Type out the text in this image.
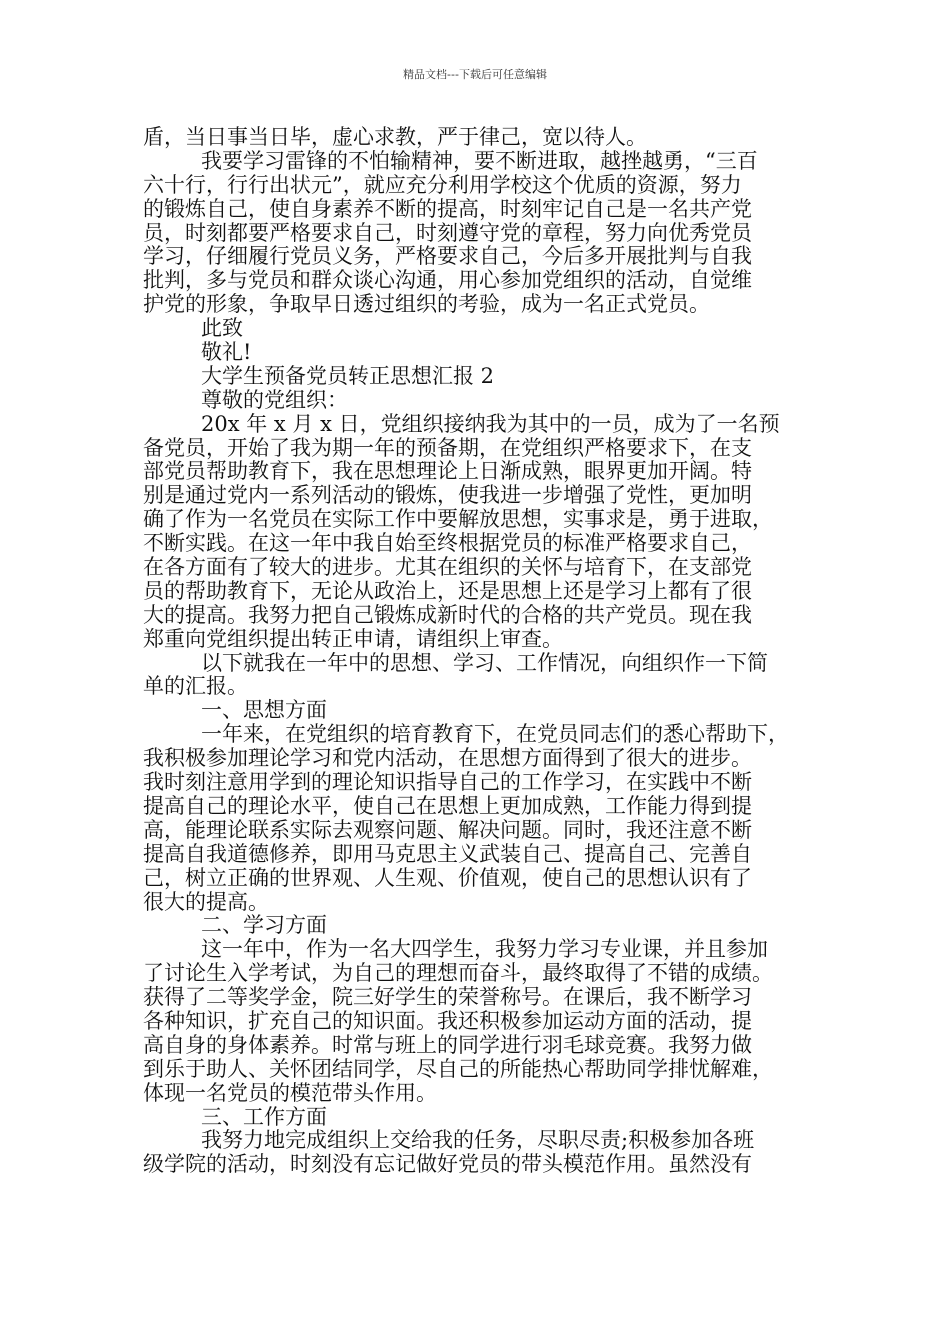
精品文档---下载后可任意编辑
盾，当日事当日毕，虚心求教，严于律己，宽以待人。
我要学习雷锋的不怕输精神，要不断进取，越挫越勇，“三百
六十行，行行出状元”，就应充分利用学校这个优质的资源，努力
的锻炼自己，使自身素养不断的提高，时刻牢记自己是一名共产党
员，时刻都要严格要求自己，时刻遵守党的章程，努力向优秀党员
学习，仔细履行党员义务，严格要求自己，今后多开展批判与自我
批判，多与党员和群众谈心沟通，用心参加党组织的活动，自觉维
护党的形象，争取早日透过组织的考验，成为一名正式党员。
此致
敬礼!
大学生预备党员转正思想汇报 2
尊敬的党组织：
20x 年 x 月 x 日，党组织接纳我为其中的一员，成为了一名预
备党员，开始了我为期一年的预备期，在党组织严格要求下，在支
部党员帮助教育下，我在思想理论上日渐成熟，眼界更加开阔。特
别是通过党内一系列活动的锻炼，使我进一步增强了党性，更加明
确了作为一名党员在实际工作中要解放思想，实事求是，勇于进取，
不断实践。在这一年中我自始至终根据党员的标准严格要求自己，
在各方面有了较大的进步。尤其在组织的关怀与培育下，在支部党
员的帮助教育下，无论从政治上，还是思想上还是学习上都有了很
大的提高。我努力把自己锻炼成新时代的合格的共产党员。现在我
郑重向党组织提出转正申请，请组织上审查。
以下就我在一年中的思想、学习、工作情况，向组织作一下简
单的汇报。
一、思想方面
一年来，在党组织的培育教育下，在党员同志们的悉心帮助下，
我积极参加理论学习和党内活动，在思想方面得到了很大的进步。
我时刻注意用学到的理论知识指导自己的工作学习，在实践中不断
提高自己的理论水平，使自己在思想上更加成熟，工作能力得到提
高，能理论联系实际去观察问题、解决问题。同时，我还注意不断
提高自我道德修养，即用马克思主义武装自己、提高自己、完善自
己，树立正确的世界观、人生观、价值观，使自己的思想认识有了
很大的提高。
二、学习方面
这一年中，作为一名大四学生，我努力学习专业课，并且参加
了讨论生入学考试，为自己的理想而奋斗，最终取得了不错的成绩。
获得了二等奖学金，院三好学生的荣誉称号。在课后，我不断学习
各种知识，扩充自己的知识面。我还积极参加运动方面的活动，提
高自身的身体素养。时常与班上的同学进行羽毛球竞赛。我努力做
到乐于助人、关怀团结同学，尽自己的所能热心帮助同学排忧解难，
体现一名党员的模范带头作用。
三、工作方面
我努力地完成组织上交给我的任务，尽职尽责;积极参加各班
级学院的活动，时刻没有忘记做好党员的带头模范作用。虽然没有
